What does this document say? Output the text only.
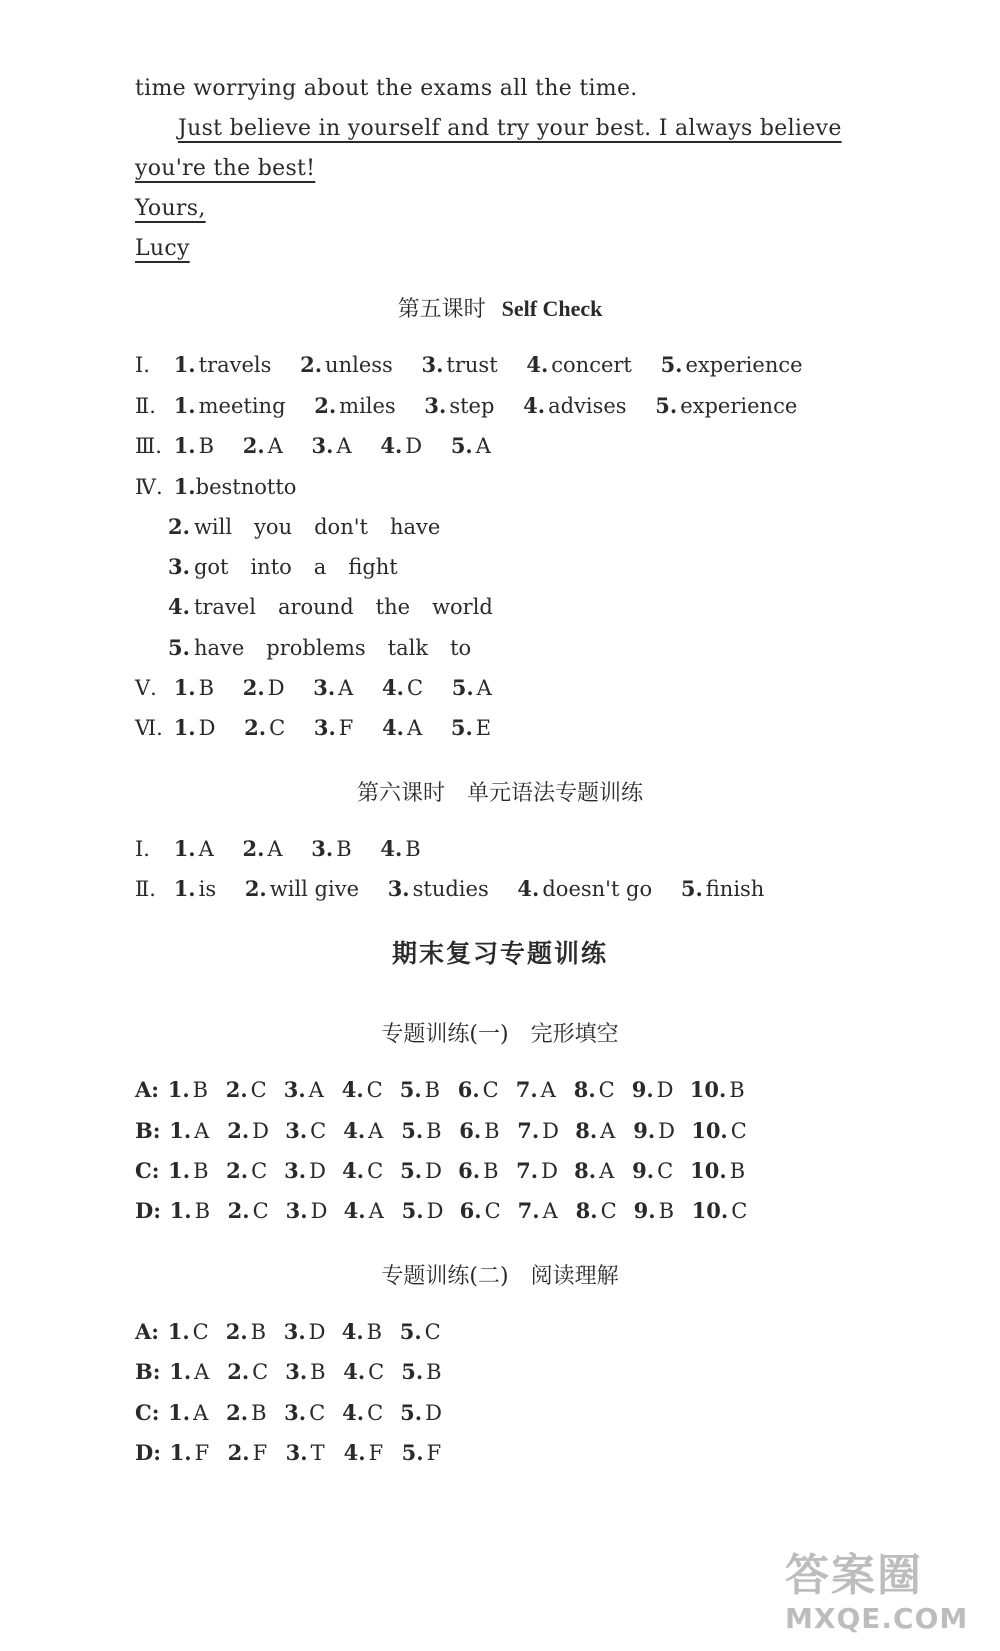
time worrying about the exams all the time.
Just believe in yourself and try your best. I always believe
you're the best!
Yours,
Lucy
第五课时 Self Check
Ⅰ. 1. travels 2. unless 3. trust 4. concert 5. experience
Ⅱ. 1. meeting 2. miles 3. step 4. advises 5. experience
Ⅲ. 1. B 2. A 3. A 4. D 5. A
Ⅳ. 1.bestnotto
2. will you don't have
3. got into a fight
4. travel around the world
5. have problems talk to
Ⅴ. 1. B 2. D 3. A 4. C 5. A
Ⅵ. 1. D 2. C 3. F 4. A 5. E
第六课时 单元语法专题训练
Ⅰ. 1. A 2. A 3. B 4. B
Ⅱ. 1. is 2. will give 3. studies 4. doesn't go 5. finish
期末复习专题训练
专题训练(一) 完形填空
A: 1. B 2. C 3. A 4. C 5. B 6. C 7. A 8. C 9. D 10. B
B: 1. A 2. D 3. C 4. A 5. B 6. B 7. D 8. A 9. D 10. C
C: 1. B 2. C 3. D 4. C 5. D 6. B 7. D 8. A 9. C 10. B
D: 1. B 2. C 3. D 4. A 5. D 6. C 7. A 8. C 9. B 10. C
专题训练(二) 阅读理解
A: 1. C 2. B 3. D 4. B 5. C
B: 1. A 2. C 3. B 4. C 5. B
C: 1. A 2. B 3. C 4. C 5. D
D: 1. F 2. F 3. T 4. F 5. F
答案圈
MXQE.COM
